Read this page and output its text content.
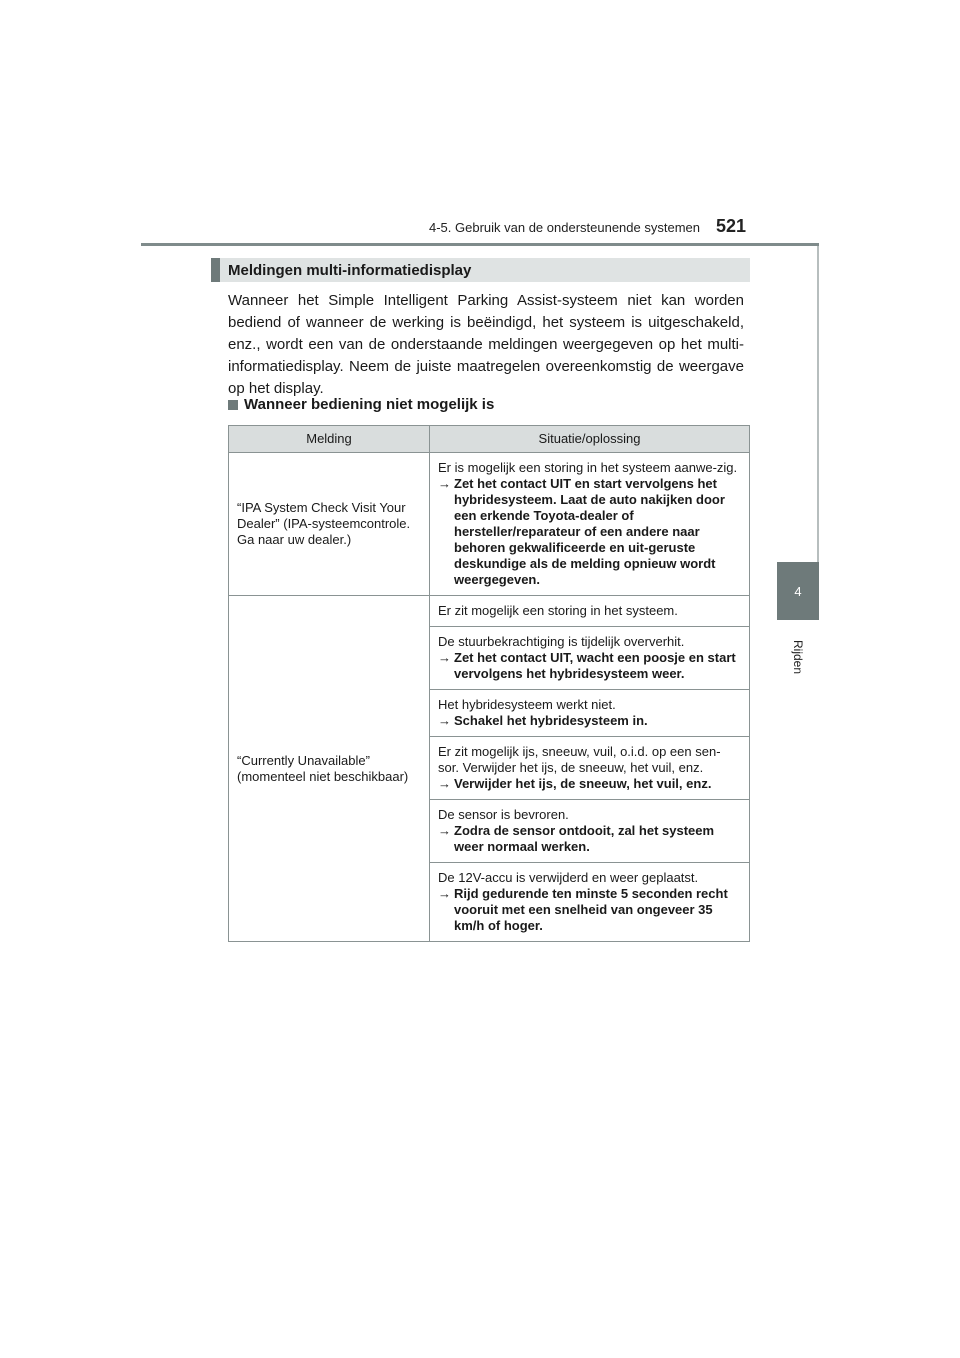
4-5. Gebruik van de ondersteunende systemen 521
4
Rijden
Meldingen multi-informatiedisplay
Wanneer het Simple Intelligent Parking Assist-systeem niet kan worden bediend of wanneer de werking is beëindigd, het systeem is uitgeschakeld, enz., wordt een van de onderstaande meldingen weergegeven op het multi-informatiedisplay. Neem de juiste maatregelen overeenkomstig de weergave op het display.
Wanneer bediening niet mogelijk is
Melding	Situatie/oplossing
“IPA System Check Visit Your Dealer” (IPA-systeemcontrole. Ga naar uw dealer.)	Er is mogelijk een storing in het systeem aanwe-zig.
→ Zet het contact UIT en start vervolgens het hybridesysteem. Laat de auto nakijken door een erkende Toyota-dealer of hersteller/reparateur of een andere naar behoren gekwalificeerde en uit-geruste deskundige als de melding opnieuw wordt weergegeven.

“Currently Unavailable” (momenteel niet beschikbaar)	Er zit mogelijk een storing in het systeem.

	De stuurbekrachtiging is tijdelijk oververhit.
→ Zet het contact UIT, wacht een poosje en start vervolgens het hybridesysteem weer.

	Het hybridesysteem werkt niet.
→ Schakel het hybridesysteem in.

	Er zit mogelijk ijs, sneeuw, vuil, o.i.d. op een sen-sor. Verwijder het ijs, de sneeuw, het vuil, enz.
→ Verwijder het ijs, de sneeuw, het vuil, enz.

	De sensor is bevroren.
→ Zodra de sensor ontdooit, zal het systeem weer normaal werken.

	De 12V-accu is verwijderd en weer geplaatst.
→ Rijd gedurende ten minste 5 seconden recht vooruit met een snelheid van ongeveer 35 km/h of hoger.
